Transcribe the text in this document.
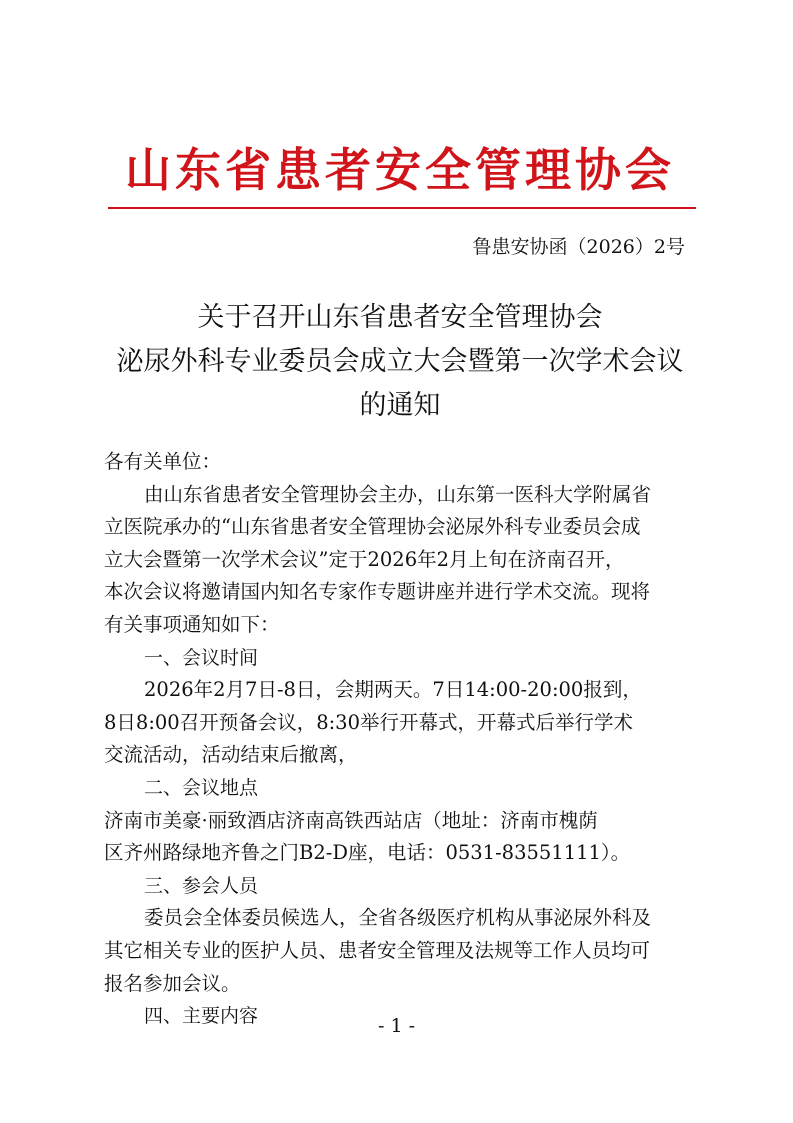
山东省患者安全管理协会
鲁患安协函（2026）2号
关于召开山东省患者安全管理协会
泌尿外科专业委员会成立大会暨第一次学术会议
的通知

各有关单位：

由山东省患者安全管理协会主办，山东第一医科大学附属省

立医院承办的“山东省患者安全管理协会泌尿外科专业委员会成

立大会暨第一次学术会议”定于2026年2月上旬在济南召开，

本次会议将邀请国内知名专家作专题讲座并进行学术交流。现将

有关事项通知如下：

一、会议时间

2026年2月7日-8日，会期两天。7日14:00-20:00报到，

8日8:00召开预备会议，8:30举行开幕式，开幕式后举行学术

交流活动，活动结束后撤离，

二、会议地点

济南市美豪·丽致酒店济南高铁西站店（地址：济南市槐荫

区齐州路绿地齐鲁之门B2-D座，电话：0531-83551111）。

三、参会人员

委员会全体委员候选人，全省各级医疗机构从事泌尿外科及

其它相关专业的医护人员、患者安全管理及法规等工作人员均可

报名参加会议。

四、主要内容	- 1 -
